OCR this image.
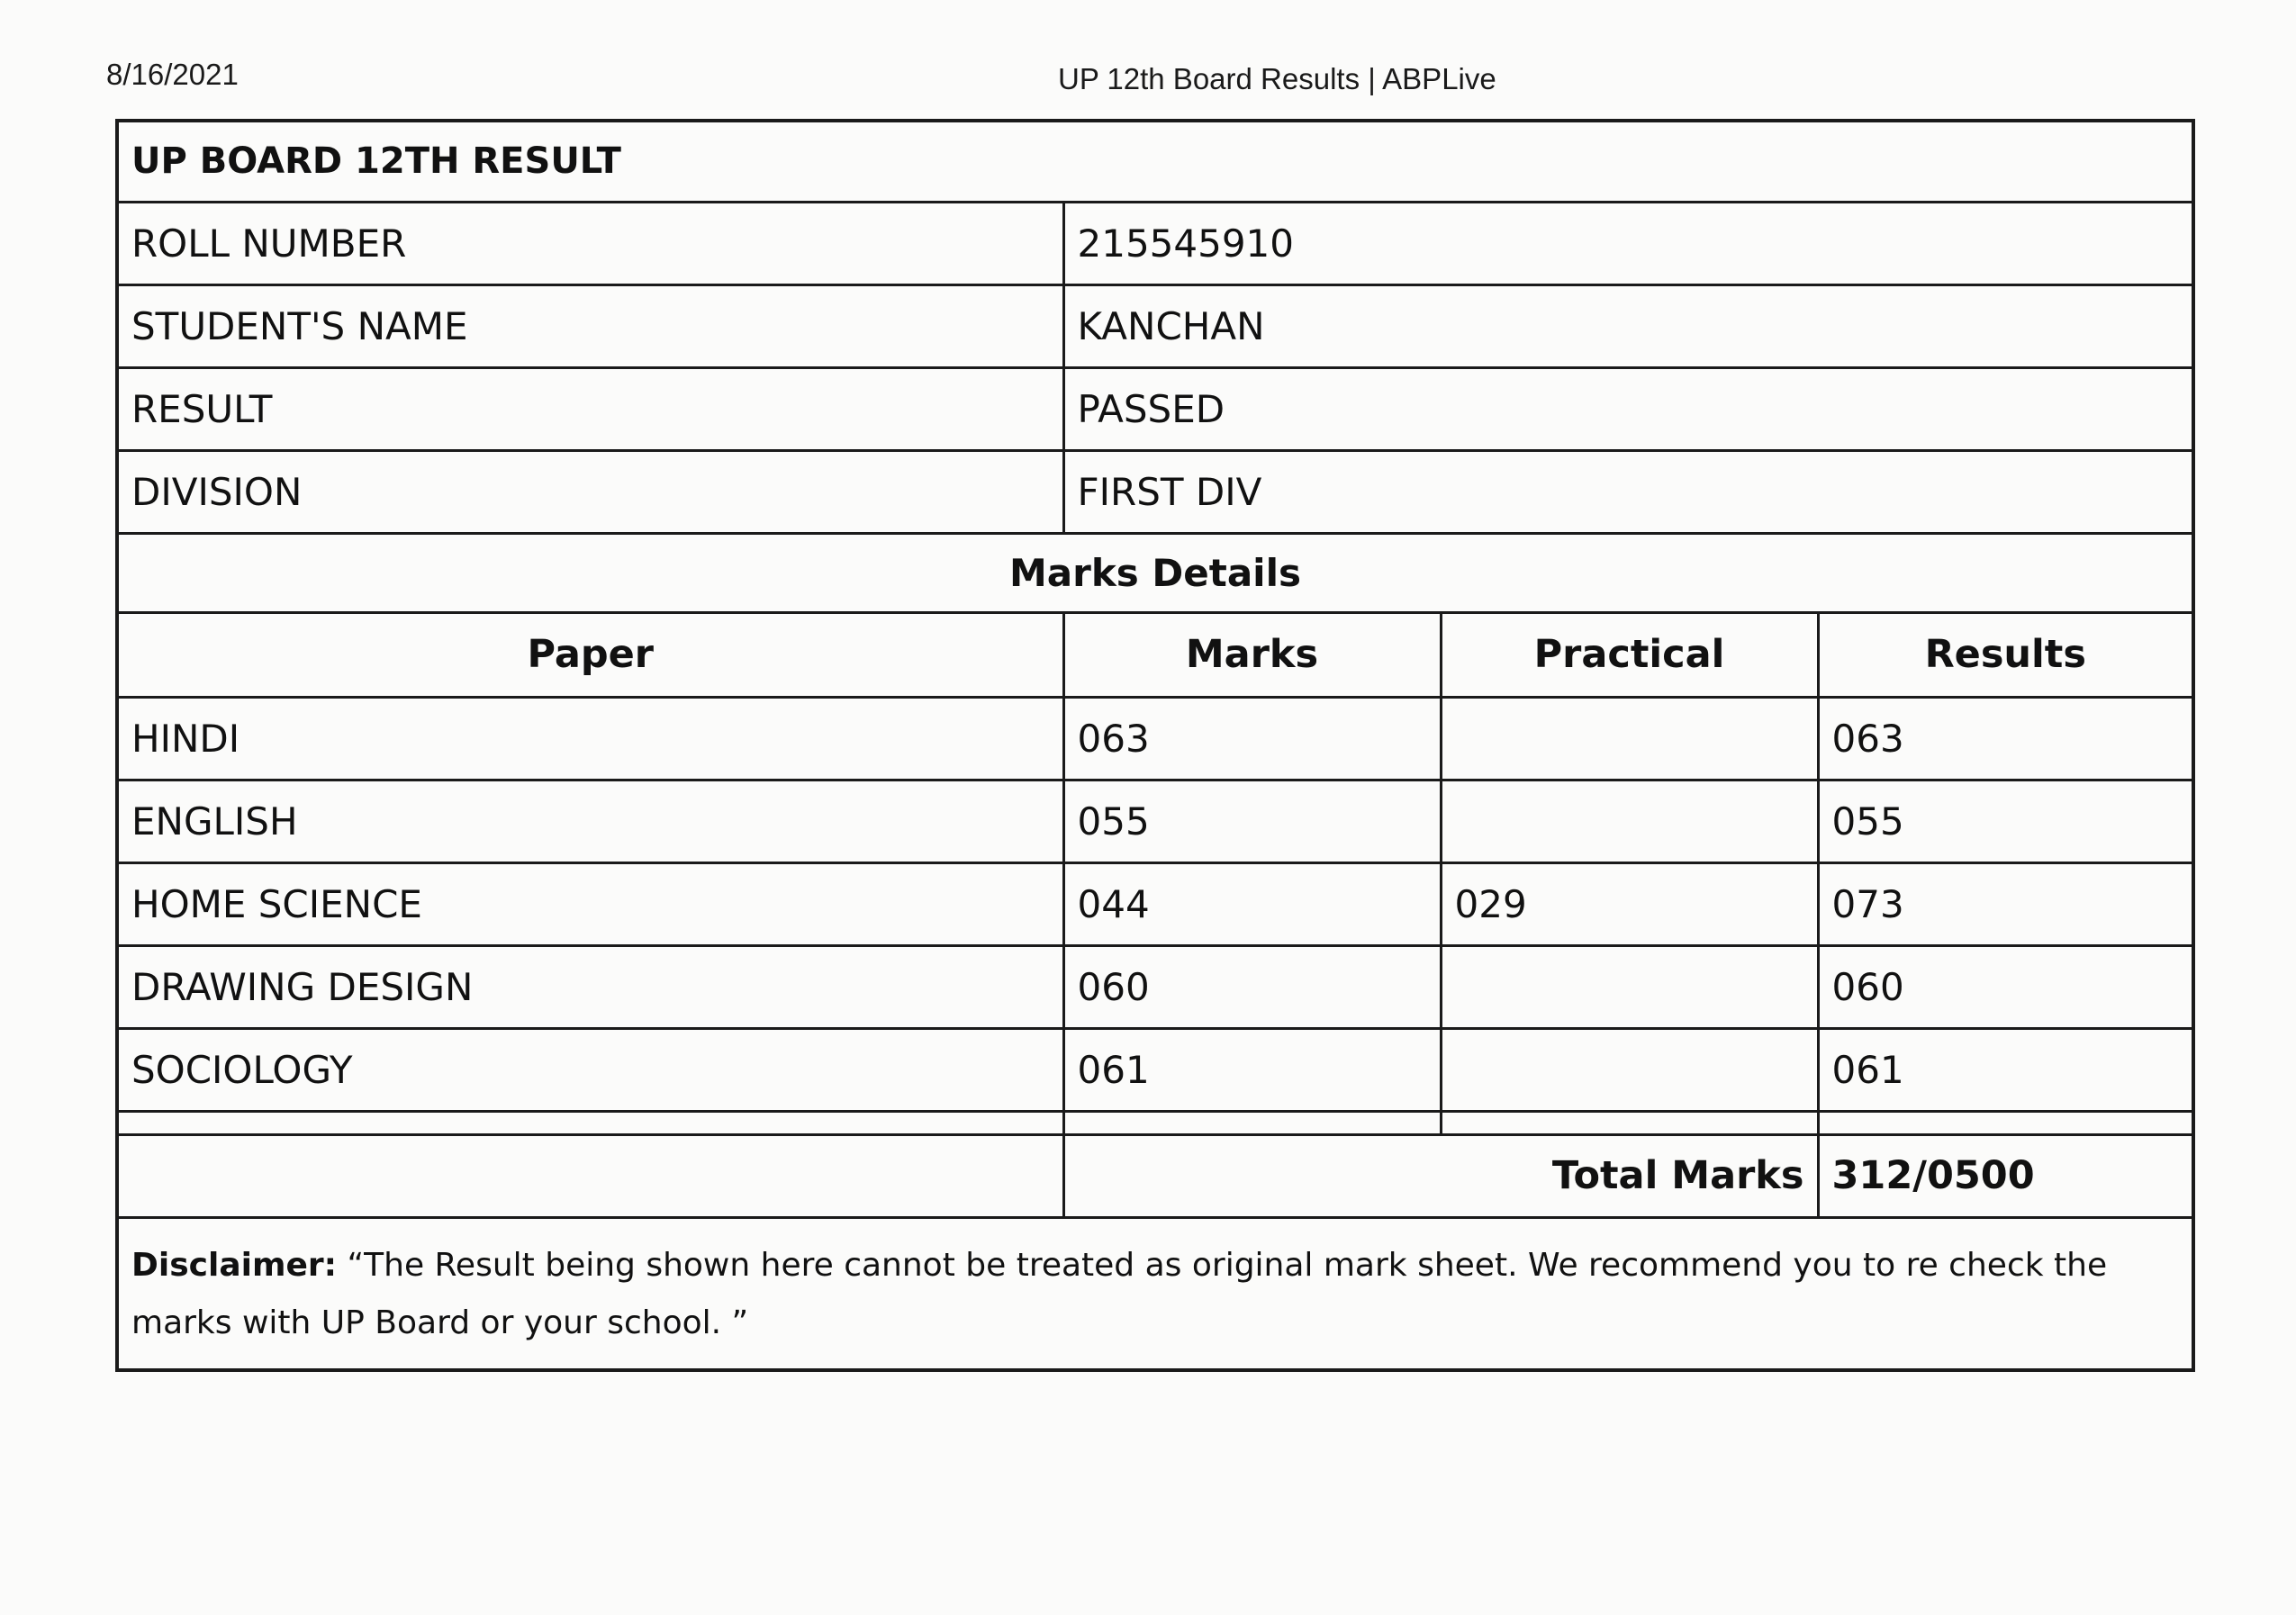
8/16/2021	UP 12th Board Results | ABPLive
UP BOARD 12TH RESULT			
ROLL NUMBER	215545910		
STUDENT'S NAME	KANCHAN		
RESULT	PASSED		
DIVISION	FIRST DIV		
Marks Details			
Paper	Marks	Practical	Results
HINDI	063		063
ENGLISH	055		055
HOME SCIENCE	044	029	073
DRAWING DESIGN	060		060
SOCIOLOGY	061		061

	Total Marks		312/0500
Disclaimer: “The Result being shown here cannot be treated as original mark sheet. We recommend you to re check the marks with UP Board or your school. ”			
